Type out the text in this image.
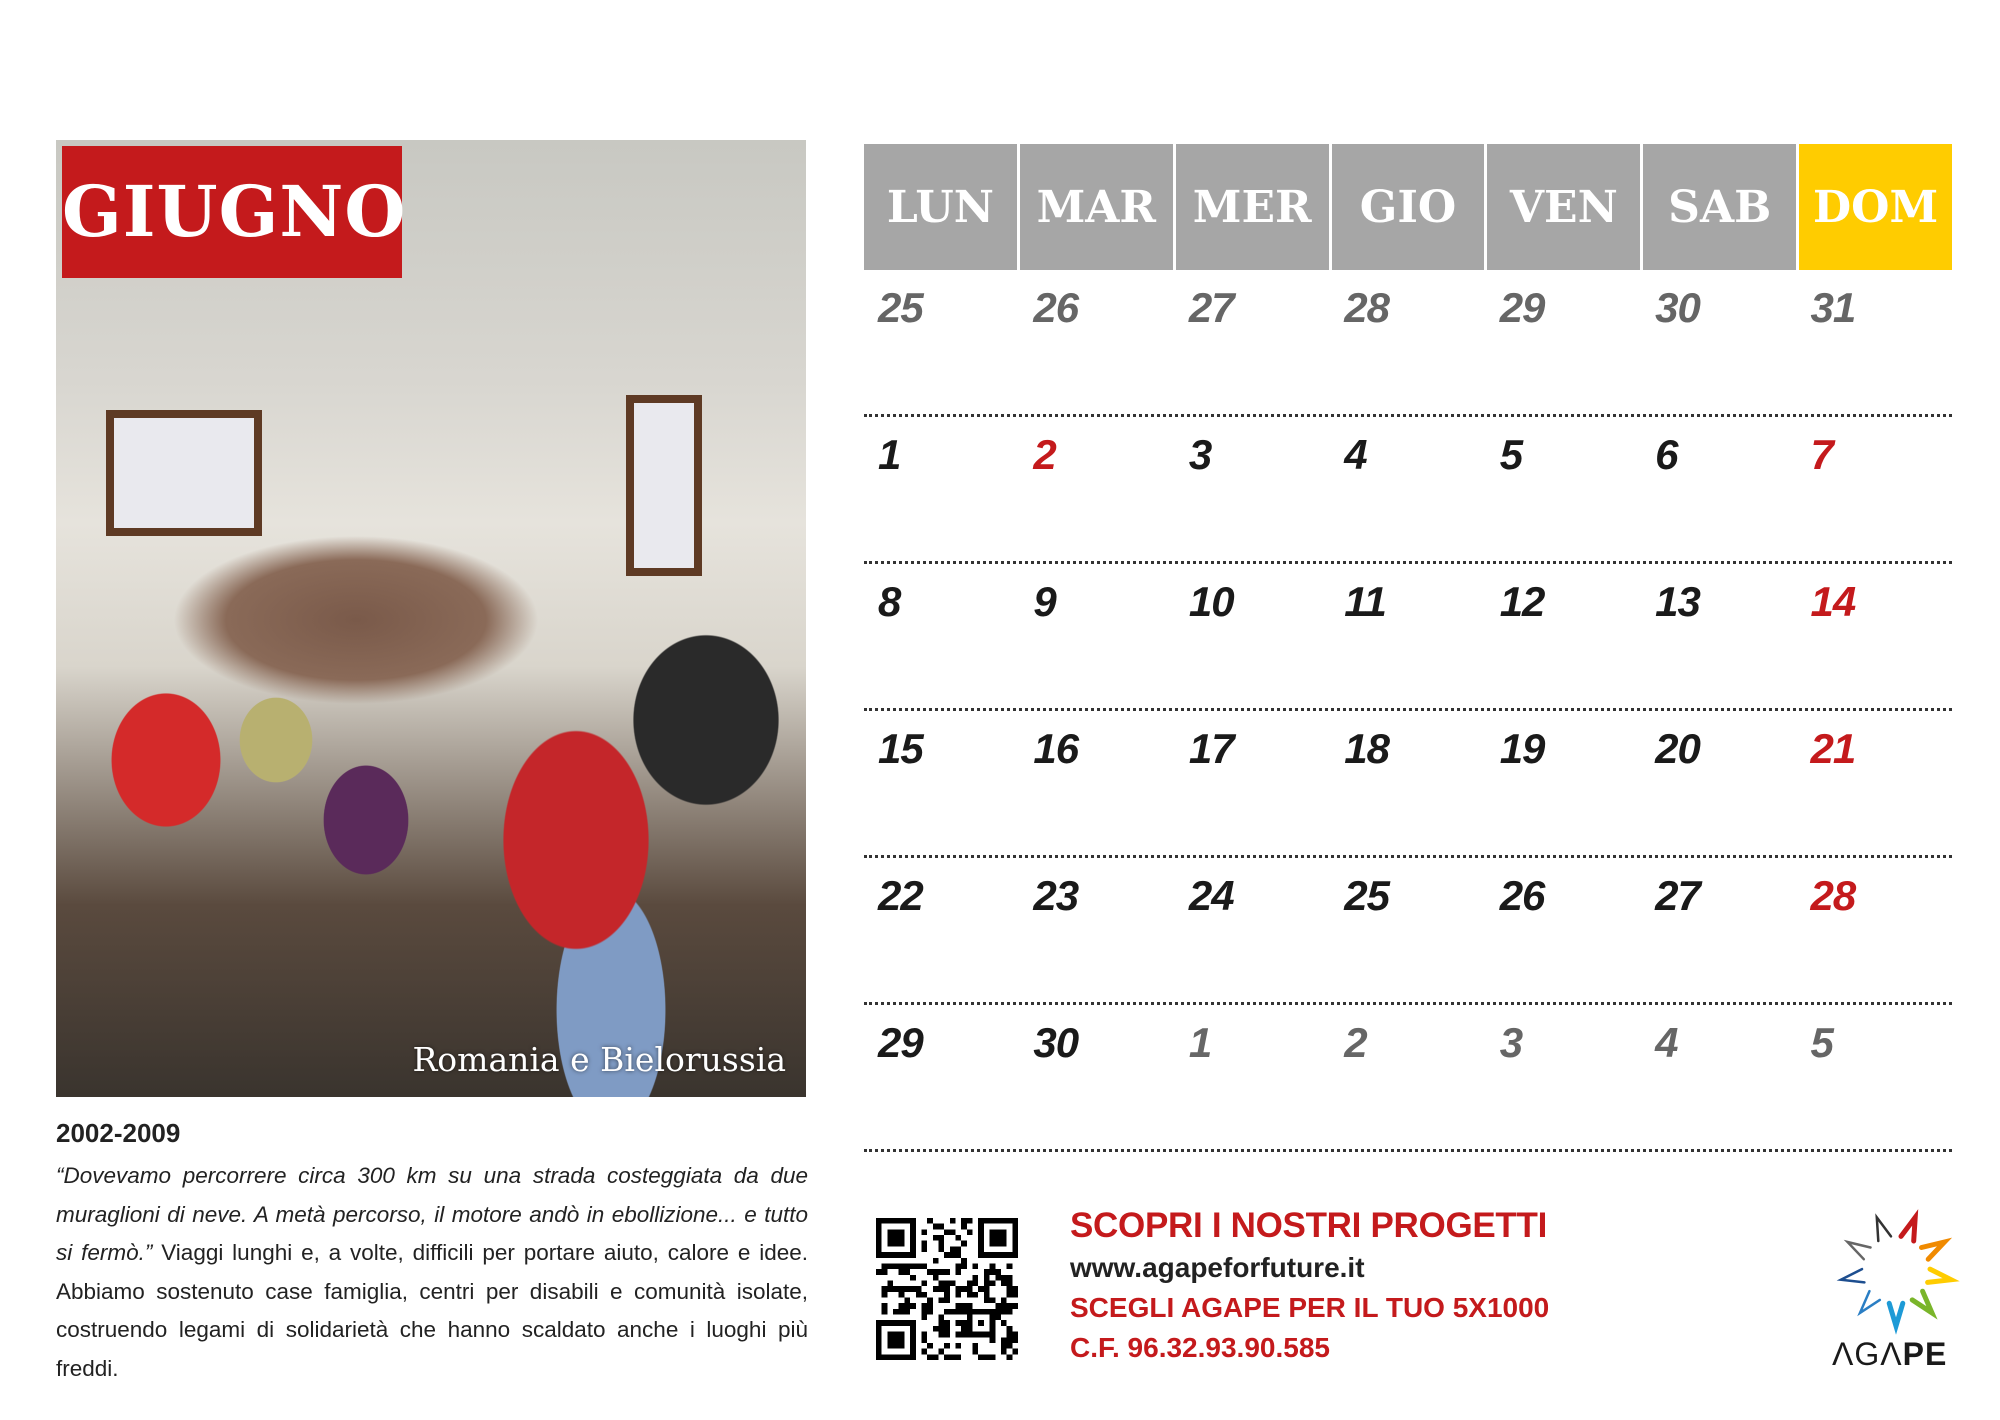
GIUGNO
Romania e Bielorussia
2002-2009
“Dovevamo percorrere circa 300 km su una strada costeggiata da due muraglioni di neve. A metà percorso, il motore andò in ebollizione... e tutto si fermò.” Viaggi lunghi e, a volte, difficili per portare aiuto, calore e idee. Abbiamo sostenuto case famiglia, centri per disabili e comunità isolate, costruendo legami di solidarietà che hanno scaldato anche i luoghi più freddi.
LUN MAR MER	GIO	VEN	SAB DOM
25	26	27	28	29	30	31
1	2	3	4	5	6	7
8	9	10	11	12	13	14
15	16	17	18	19	20	21
22	23	24	25	26	27	28
29	30	1	2	3	4	5
SCOPRI I NOSTRI PROGETTI
www.agapeforfuture.it
SCEGLI AGAPE PER IL TUO 5X1000
C.F. 96.32.93.90.585	ΛGΛPE
